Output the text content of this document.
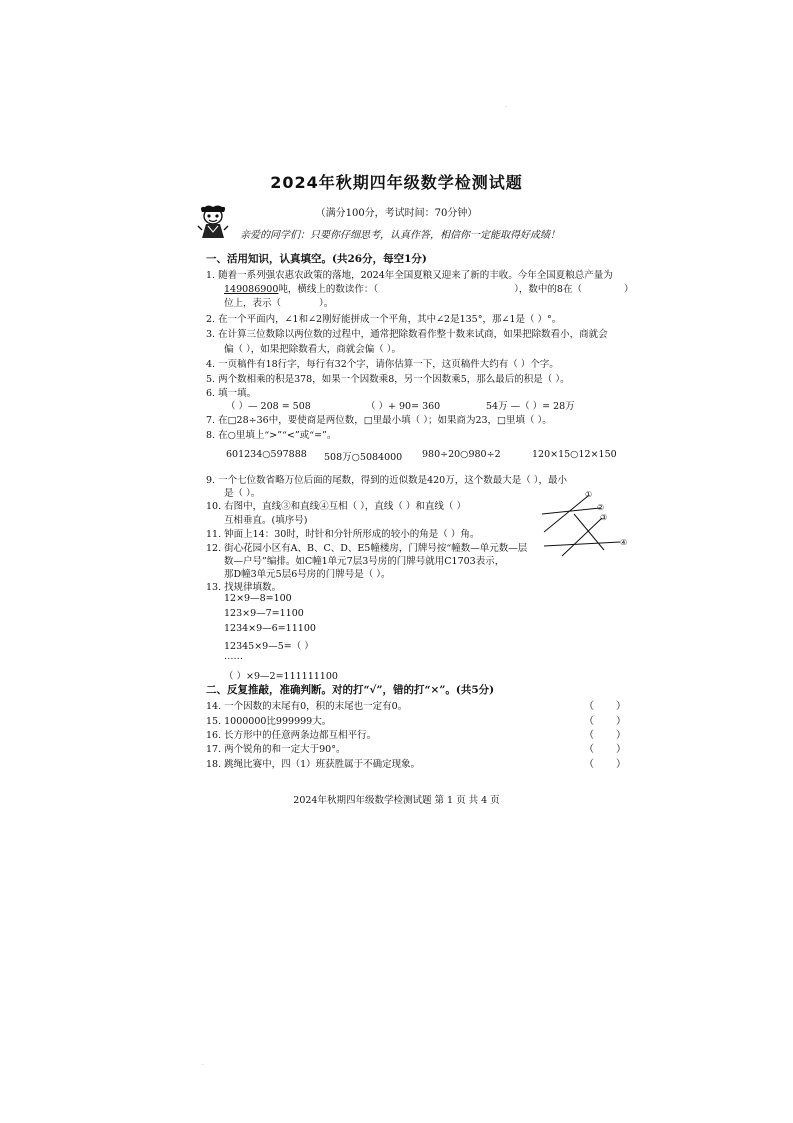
·
2024年秋期四年级数学检测试题
（满分100分，考试时间：70分钟）
亲爱的同学们：只要你仔细思考，认真作答，相信你一定能取得好成绩！
一、活用知识，认真填空。(共26分，每空1分)
1. 随着一系列强农惠农政策的落地，2024年全国夏粮又迎来了新的丰收。今年全国夏粮总产量为
149086900吨，横线上的数读作：（	），数中的8在（	）
位上，表示（	）。
2. 在一个平面内，∠1和∠2刚好能拼成一个平角，其中∠2是135°，那∠1是（ ）°。
3. 在计算三位数除以两位数的过程中，通常把除数看作整十数来试商，如果把除数看小，商就会
偏（ ），如果把除数看大，商就会偏（ ）。
4. 一页稿件有18行字，每行有32个字，请你估算一下，这页稿件大约有（ ）个字。
5. 两个数相乘的积是378，如果一个因数乘8，另一个因数乘5，那么最后的积是（ ）。
6. 填一填。
（ ）— 208 = 508	（ ）+ 90= 360	54万 —（ ）= 28万
7. 在□28÷36中，要使商是两位数，□里最小填（ ）；如果商为23，□里填（ ）。
8. 在○里填上“>”“<”或“=”。
601234○597888 508万○5084000 980÷20○980÷2	120×15○12×150
9. 一个七位数省略万位后面的尾数，得到的近似数是420万，这个数最大是（ ），最小
是（ ）。
10. 右图中，直线③和直线④互相（ ），直线（ ）和直线（ ）
互相垂直。(填序号)
11. 钟面上14：30时，时针和分针所形成的较小的角是（ ）角。
12. 街心花园小区有A、B、C、D、E5幢楼房，门牌号按“幢数—单元数—层
数—户号”编排。如C幢1单元7层3号房的门牌号就用C1703表示，
那D幢3单元5层6号房的门牌号是（ ）。
13. 找规律填数。
12×9—8=100
123×9—7=1100
1234×9—6=11100
12345×9—5=（ ）
……
（ ）×9—2=111111100
①
②
③
④
二、反复推敲，准确判断。对的打“√”，错的打“×”。(共5分)
14. 一个因数的末尾有0，积的末尾也一定有0。	（ ）
15. 1000000比999999大。	（ ）
16. 长方形中的任意两条边都互相平行。	（ ）
17. 两个锐角的和一定大于90°。	（ ）
18. 跳绳比赛中，四（1）班获胜属于不确定现象。	（ ）
2024年秋期四年级数学检测试题 第 1 页 共 4 页
·
